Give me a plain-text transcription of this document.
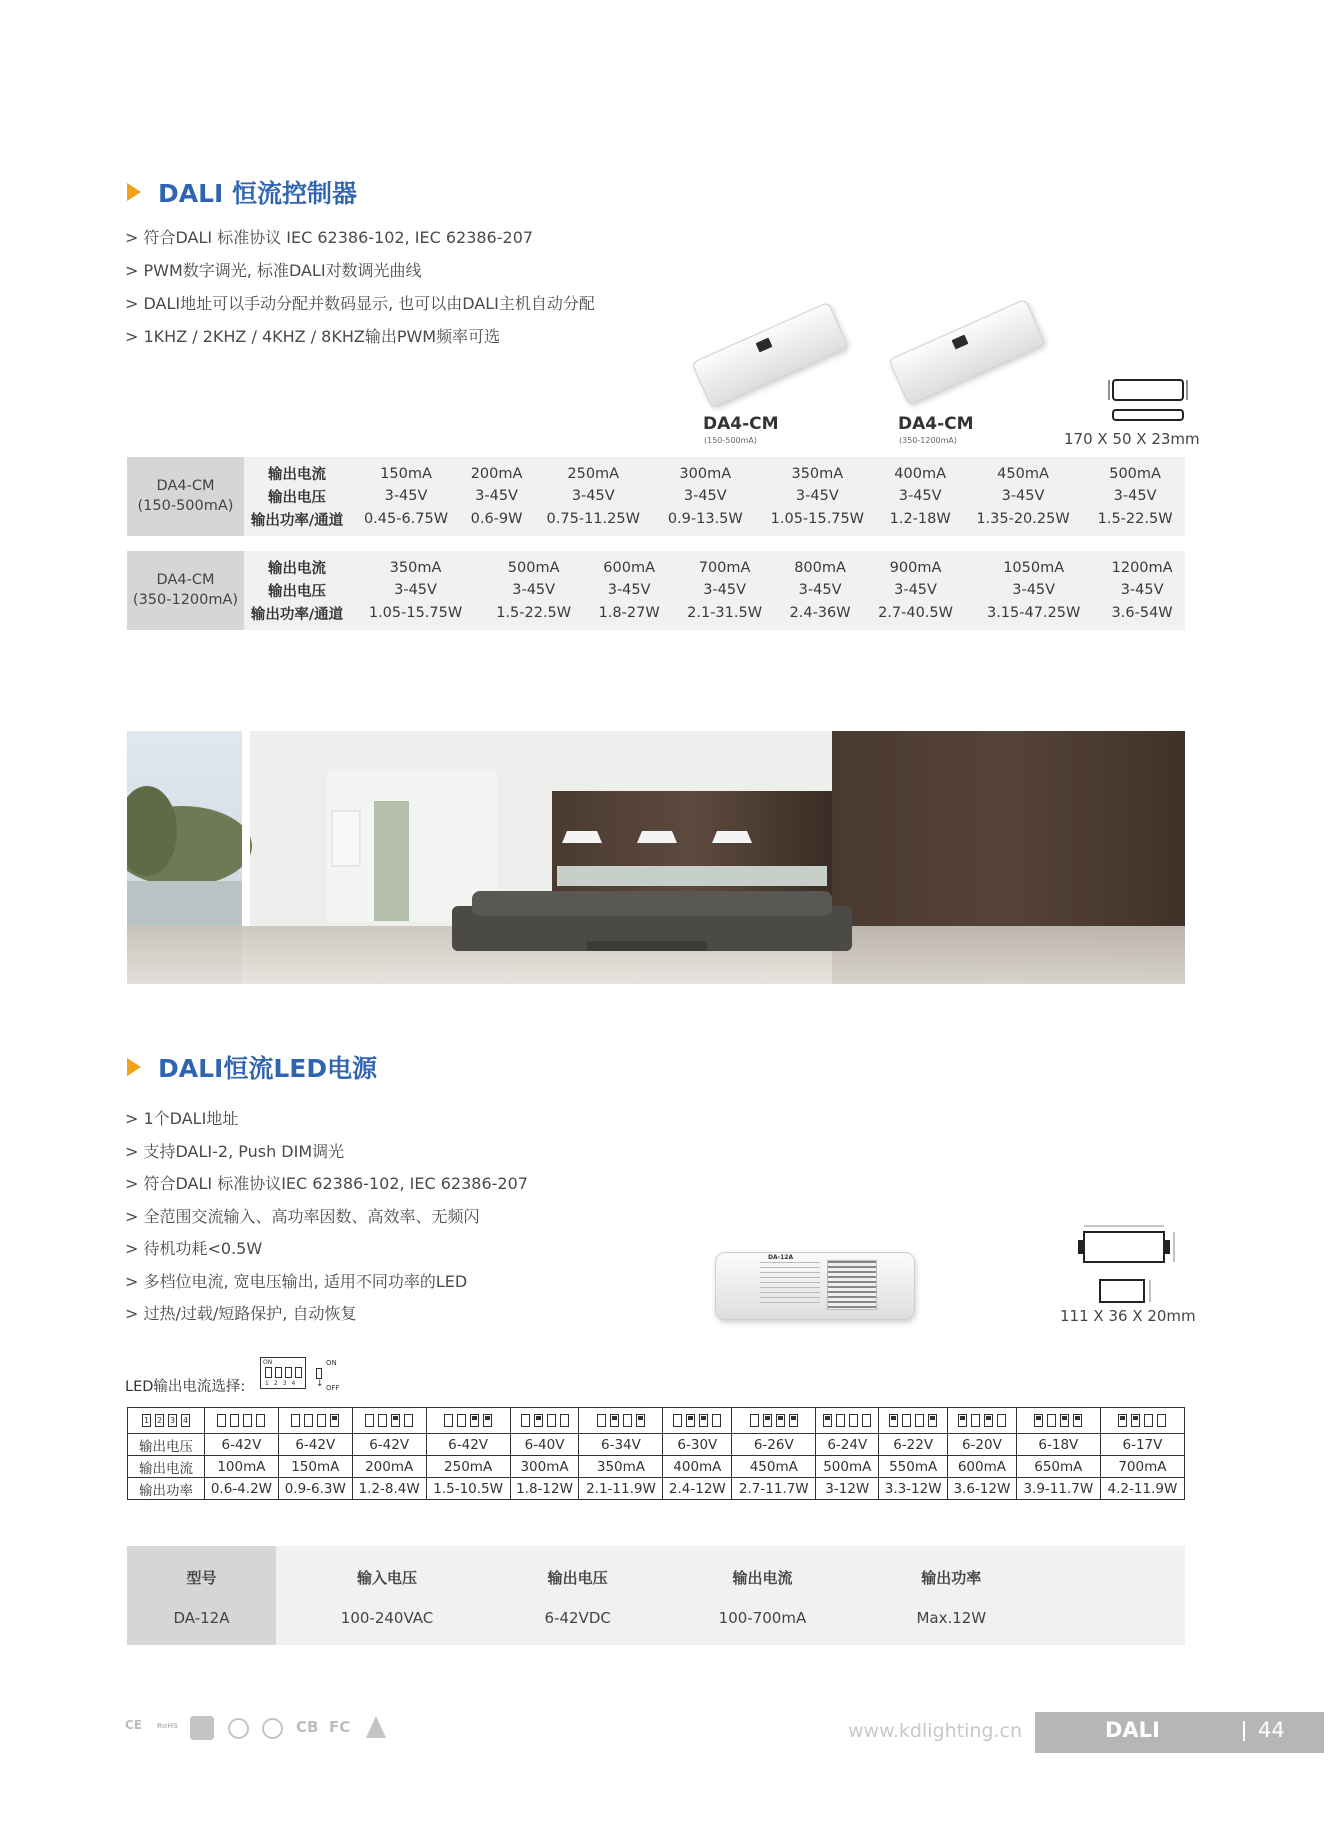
DALI 恒流控制器
> 符合DALI 标准协议 IEC 62386-102, IEC 62386-207
> PWM数字调光, 标准DALI对数调光曲线
> DALI地址可以手动分配并数码显示, 也可以由DALI主机自动分配
> 1KHZ / 2KHZ / 4KHZ / 8KHZ输出PWM频率可选
DA4-CM
(150-500mA)
DA4-CM
(350-1200mA)	170 X 50 X 23mm
DA4-CM
(150-500mA)	输出电流	150mA	200mA	250mA	300mA	350mA	400mA	450mA	500mA
	输出电压	3-45V	3-45V	3-45V	3-45V	3-45V	3-45V	3-45V	3-45V
	输出功率/通道	0.45-6.75W	0.6-9W	0.75-11.25W	0.9-13.5W	1.05-15.75W	1.2-18W	1.35-20.25W	1.5-22.5W
DA4-CM
(350-1200mA)	输出电流	350mA	500mA	600mA	700mA	800mA	900mA	1050mA	1200mA
	输出电压	3-45V	3-45V	3-45V	3-45V	3-45V	3-45V	3-45V	3-45V
	输出功率/通道	1.05-15.75W	1.5-22.5W	1.8-27W	2.1-31.5W	2.4-36W	2.7-40.5W	3.15-47.25W	3.6-54W
DALI恒流LED电源
> 1个DALI地址
> 支持DALI-2, Push DIM调光
> 符合DALI 标准协议IEC 62386-102, IEC 62386-207
> 全范围交流输入、高功率因数、高效率、无频闪
> 待机功耗<0.5W
> 多档位电流, 宽电压输出, 适用不同功率的LED
> 过热/过载/短路保护, 自动恢复
DA-12A
111 X 36 X 20mm
LED输出电流选择:
ON
1 2 3 4
ON
↓ OFF
1 2 3 4													
输出电压	6-42V	6-42V	6-42V	6-42V	6-40V	6-34V	6-30V	6-26V	6-24V	6-22V	6-20V	6-18V	6-17V
输出电流	100mA	150mA	200mA	250mA	300mA	350mA	400mA	450mA	500mA	550mA	600mA	650mA	700mA
输出功率	0.6-4.2W	0.9-6.3W	1.2-8.4W	1.5-10.5W	1.8-12W	2.1-11.9W	2.4-12W	2.7-11.7W	3-12W	3.3-12W	3.6-12W	3.9-11.7W	4.2-11.9W
型号	输入电压	输出电压	输出电流	输出功率	
DA-12A	100-240VAC	6-42VDC	100-700mA	Max.12W	
CE RoHS	CB FC	www.kdlighting.cn	DALI	44
